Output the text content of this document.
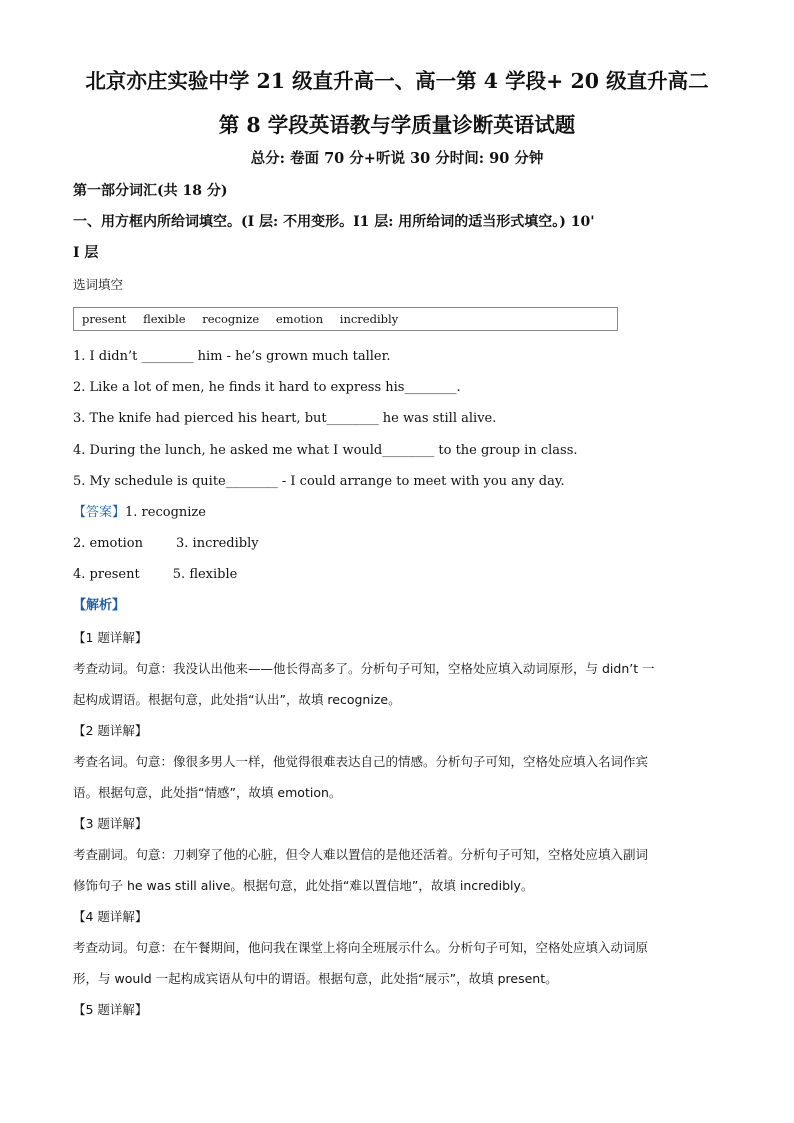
北京亦庄实验中学 21 级直升高一、高一第 4 学段+ 20 级直升高二
第 8 学段英语教与学质量诊断英语试题
总分: 卷面 70 分+听说 30 分时间: 90 分钟
第一部分词汇(共 18 分)
一、用方框内所给词填空。(I 层: 不用变形。I1 层: 用所给词的适当形式填空。) 10'
I 层
选词填空
present flexible recognize emotion incredibly
1. I didn’t ________ him - he’s grown much taller.
2. Like a lot of men, he finds it hard to express his________.
3. The knife had pierced his heart, but________ he was still alive.
4. During the lunch, he asked me what I would________ to the group in class.
5. My schedule is quite________ - I could arrange to meet with you any day.
【答案】1. recognize
2. emotion        3. incredibly
4. present        5. flexible
【解析】
【1 题详解】
考查动词。句意：我没认出他来——他长得高多了。分析句子可知，空格处应填入动词原形，与 didn’t 一
起构成谓语。根据句意，此处指“认出”，故填 recognize。
【2 题详解】
考查名词。句意：像很多男人一样，他觉得很难表达自己的情感。分析句子可知，空格处应填入名词作宾
语。根据句意，此处指“情感”，故填 emotion。
【3 题详解】
考查副词。句意：刀刺穿了他的心脏，但令人难以置信的是他还活着。分析句子可知，空格处应填入副词
修饰句子 he was still alive。根据句意，此处指“难以置信地”，故填 incredibly。
【4 题详解】
考查动词。句意：在午餐期间，他问我在课堂上将向全班展示什么。分析句子可知，空格处应填入动词原
形，与 would 一起构成宾语从句中的谓语。根据句意，此处指“展示”，故填 present。
【5 题详解】
